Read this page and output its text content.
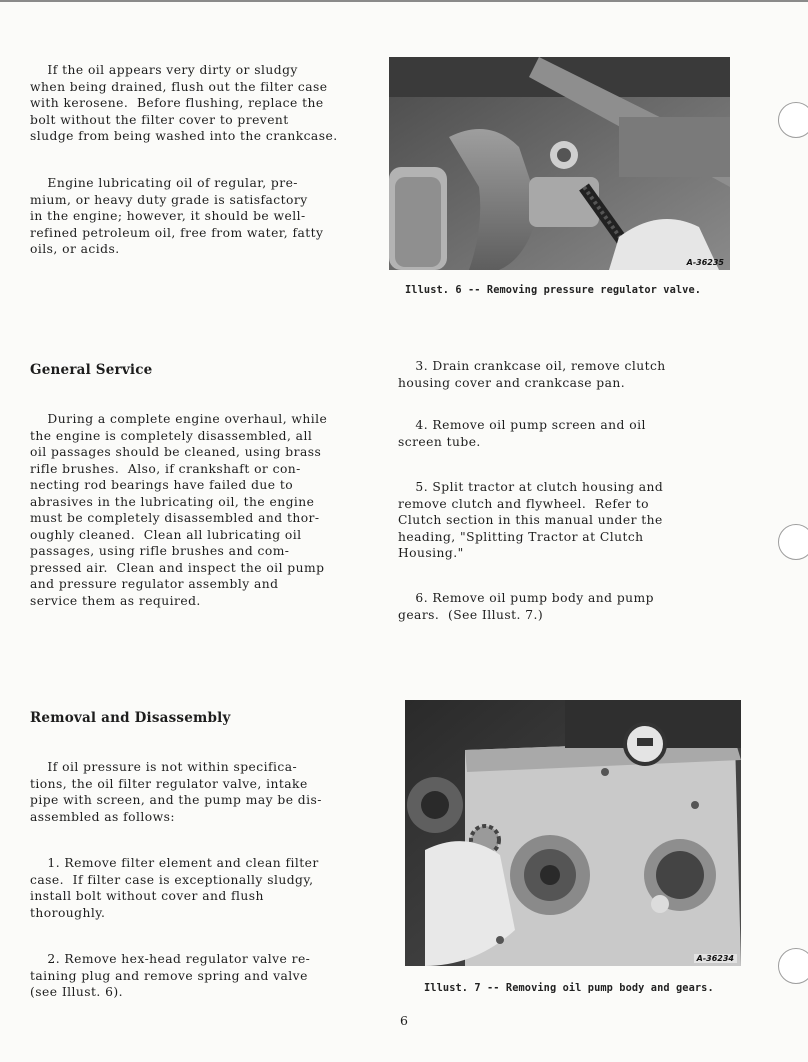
If the oil appears very dirty or sludgy
when being drained, flush out the filter case
with kerosene.  Before flushing, replace the
bolt without the filter cover to prevent
sludge from being washed into the crankcase.

Engine lubricating oil of regular, pre-
mium, or heavy duty grade is satisfactory
in the engine; however, it should be well-
refined petroleum oil, free from water, fatty
oils, or acids.

General Service

During a complete engine overhaul, while
the engine is completely disassembled, all
oil passages should be cleaned, using brass
rifle brushes.  Also, if crankshaft or con-
necting rod bearings have failed due to
abrasives in the lubricating oil, the engine
must be completely disassembled and thor-
oughly cleaned.  Clean all lubricating oil
passages, using rifle brushes and com-
pressed air.  Clean and inspect the oil pump
and pressure regulator assembly and
service them as required.

Removal and Disassembly

If oil pressure is not within specifica-
tions, the oil filter regulator valve, intake
pipe with screen, and the pump may be dis-
assembled as follows:

1. Remove filter element and clean filter
case.  If filter case is exceptionally sludgy,
install bolt without cover and flush
thoroughly.

2. Remove hex-head regulator valve re-
taining plug and remove spring and valve
(see Illust. 6).

A-36235

Illust. 6 -- Removing pressure regulator valve.

3. Drain crankcase oil, remove clutch
housing cover and crankcase pan.

4. Remove oil pump screen and oil
screen tube.

5. Split tractor at clutch housing and
remove clutch and flywheel.  Refer to
Clutch section in this manual under the
heading, "Splitting Tractor at Clutch
Housing."

6. Remove oil pump body and pump
gears.  (See Illust. 7.)

A-36234

Illust. 7 -- Removing oil pump body and gears.

6
